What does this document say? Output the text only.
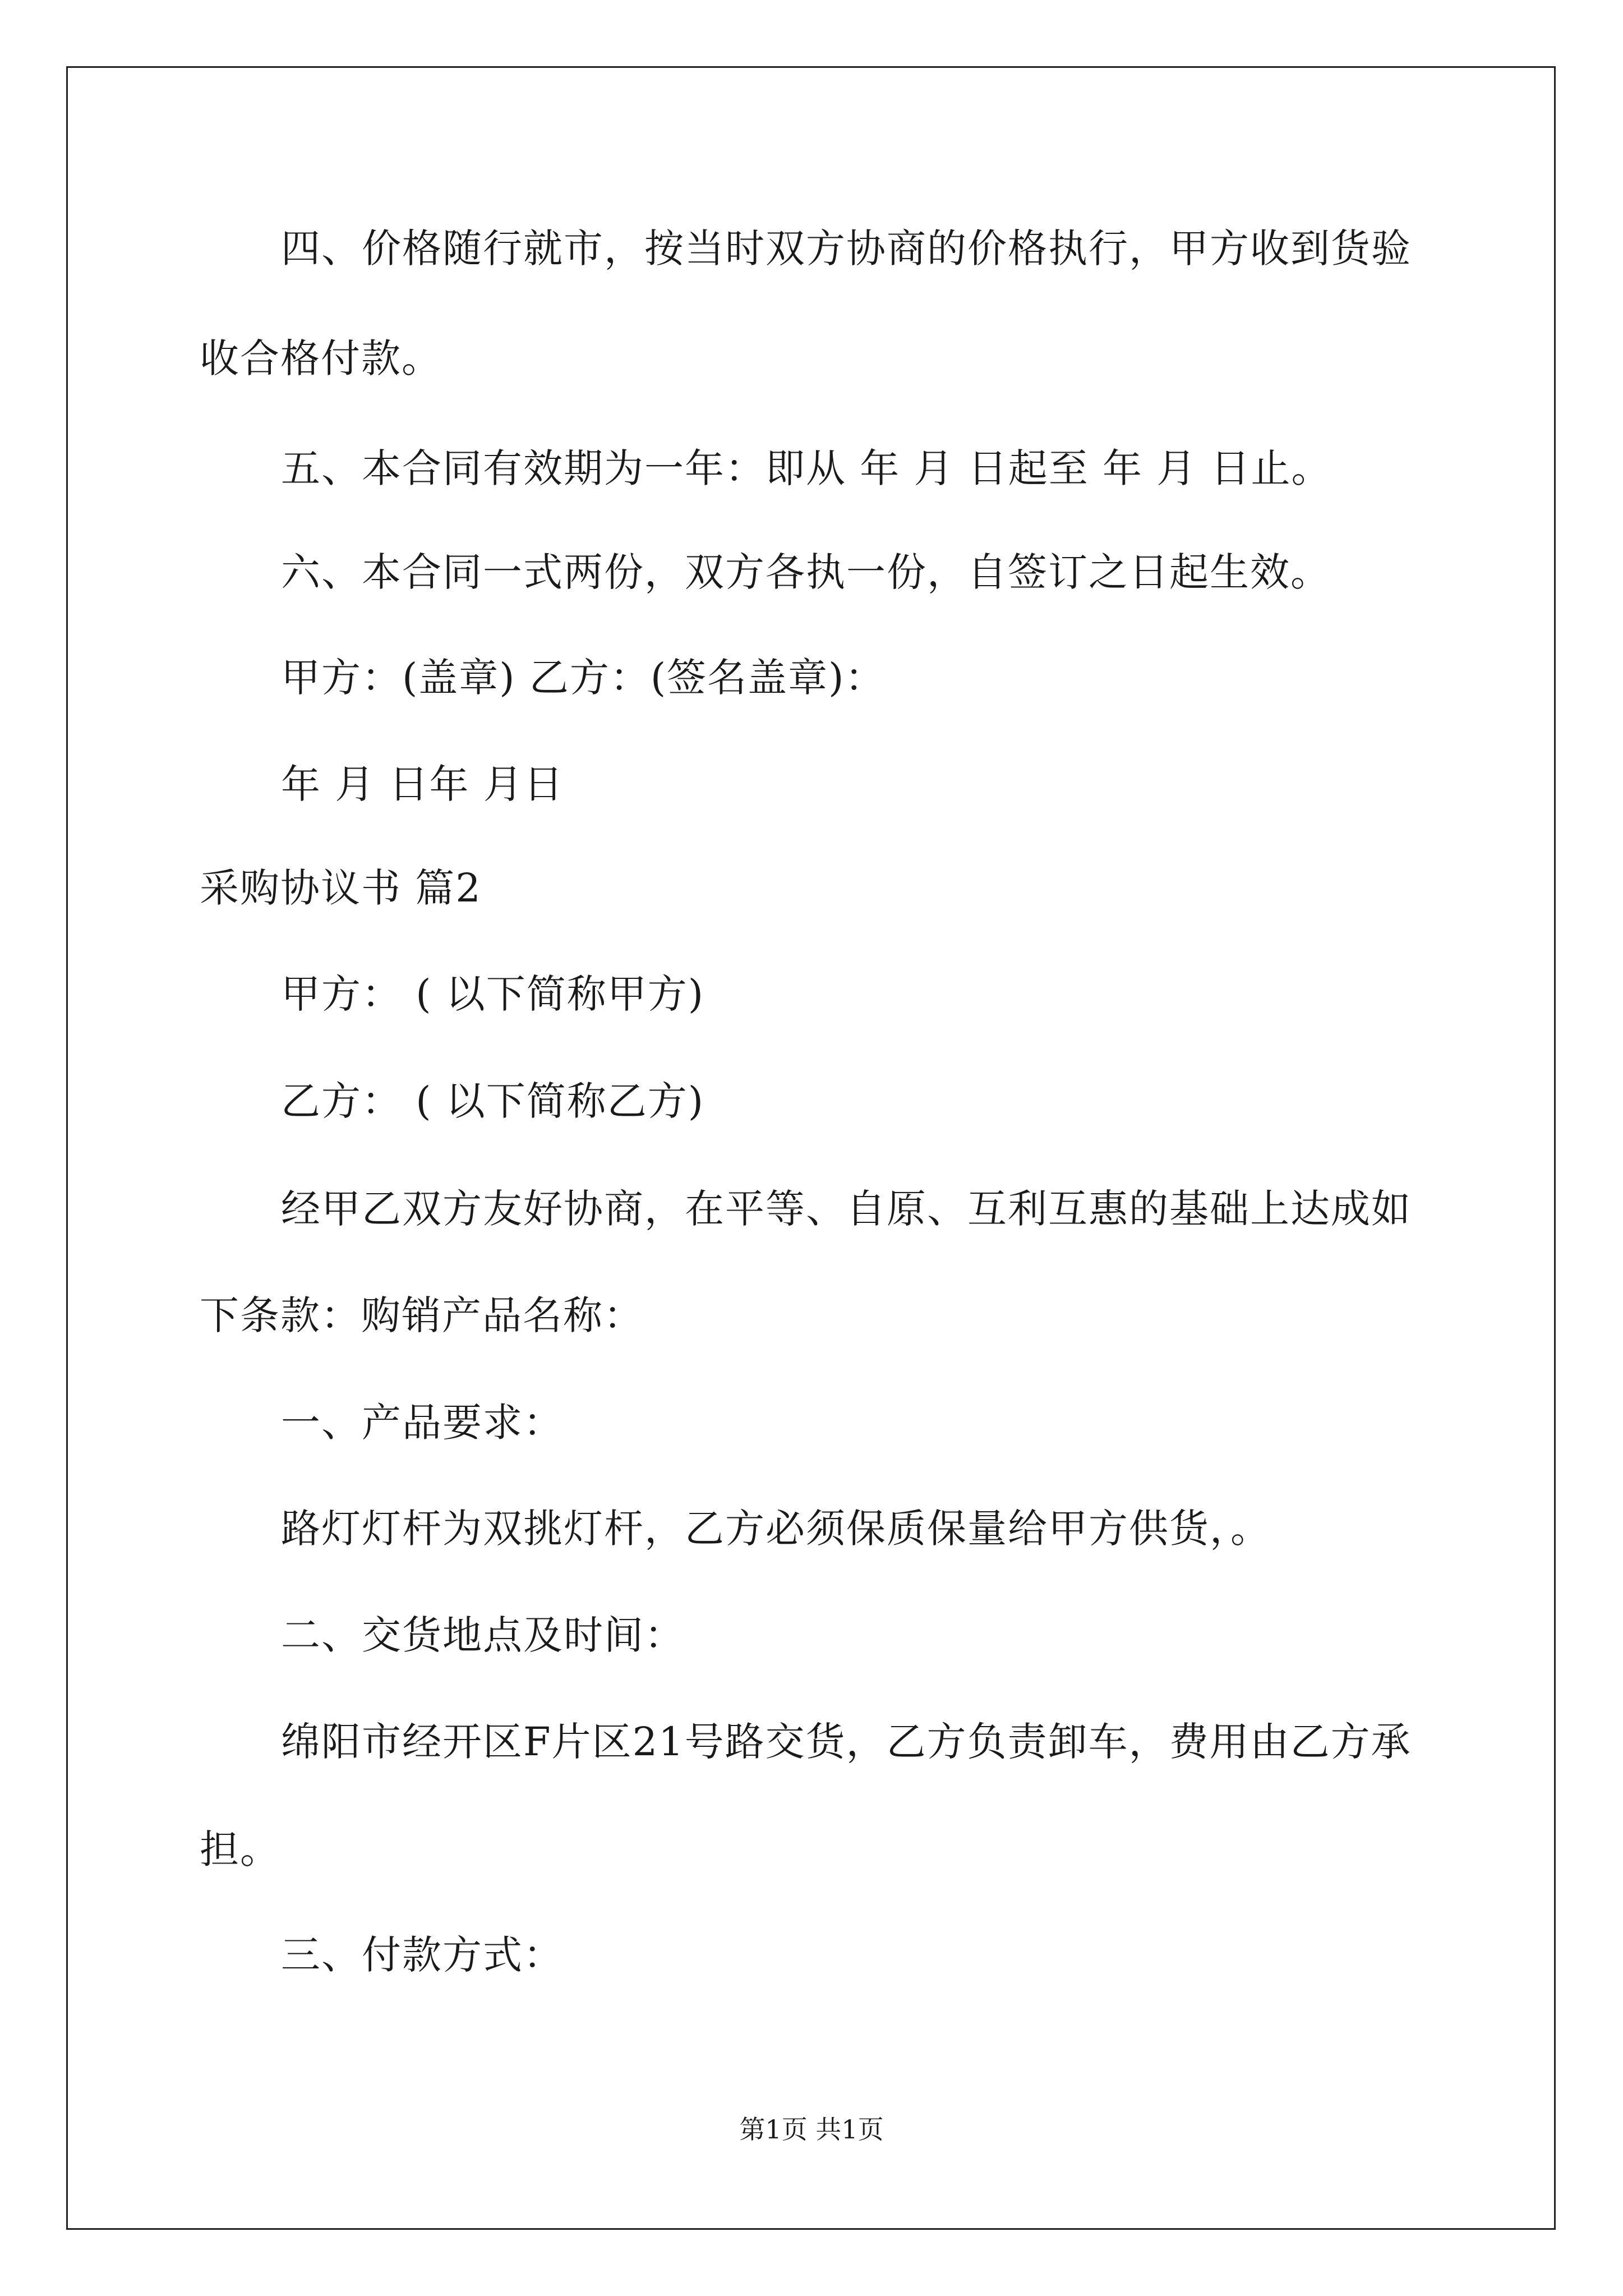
四、价格随行就市，按当时双方协商的价格执行，甲方收到货验
收合格付款。
五、本合同有效期为一年：即从 年 月 日起至 年 月 日止。
六、本合同一式两份，双方各执一份，自签订之日起生效。
甲方：(盖章) 乙方：(签名盖章)：
年 月 日年 月日
采购协议书 篇2
甲方： ( 以下简称甲方)
乙方： ( 以下简称乙方)
经甲乙双方友好协商，在平等、自原、互利互惠的基础上达成如
下条款：购销产品名称：
一、产品要求：
路灯灯杆为双挑灯杆，乙方必须保质保量给甲方供货，。
二、交货地点及时间：
绵阳市经开区F片区21号路交货，乙方负责卸车，费用由乙方承
担。
三、付款方式：
第1页 共1页
